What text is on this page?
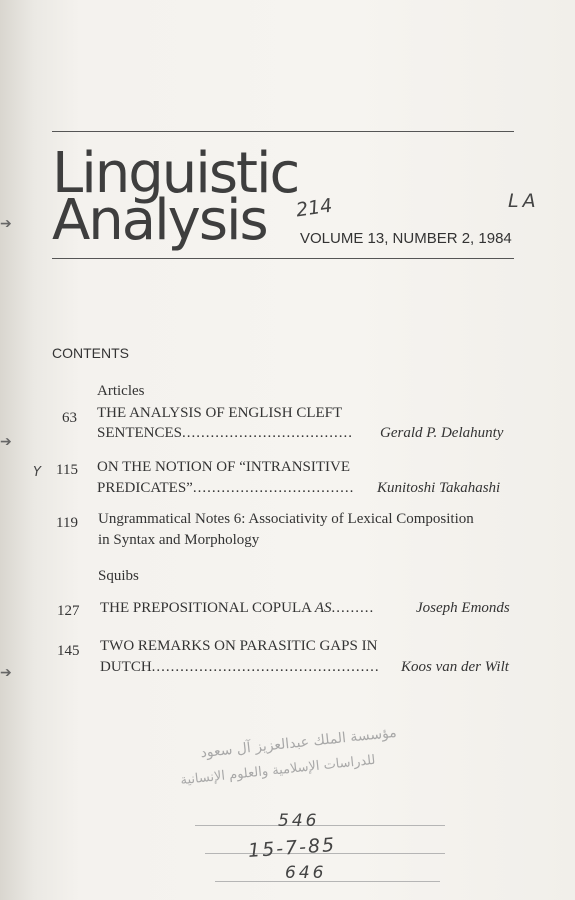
Linguistic
Analysis 214	LA
VOLUME 13, NUMBER 2, 1984
CONTENTS
Articles
63 THE ANALYSIS OF ENGLISH CLEFT
SENTENCES.................................... Gerald P. Delahunty
➔
➔
➔
Y 115 ON THE NOTION OF “INTRANSITIVE
PREDICATES”.................................. Kunitoshi Takahashi
119 Ungrammatical Notes 6: Associativity of Lexical Composition
in Syntax and Morphology
Squibs
127 THE PREPOSITIONAL COPULA AS.........	Joseph Emonds
145 TWO REMARKS ON PARASITIC GAPS IN
DUTCH................................................ Koos van der Wilt
مؤسسة الملك عبدالعزيز آل سعود
للدراسات الإسلامية والعلوم الإنسانية
546
15-7-85
646
